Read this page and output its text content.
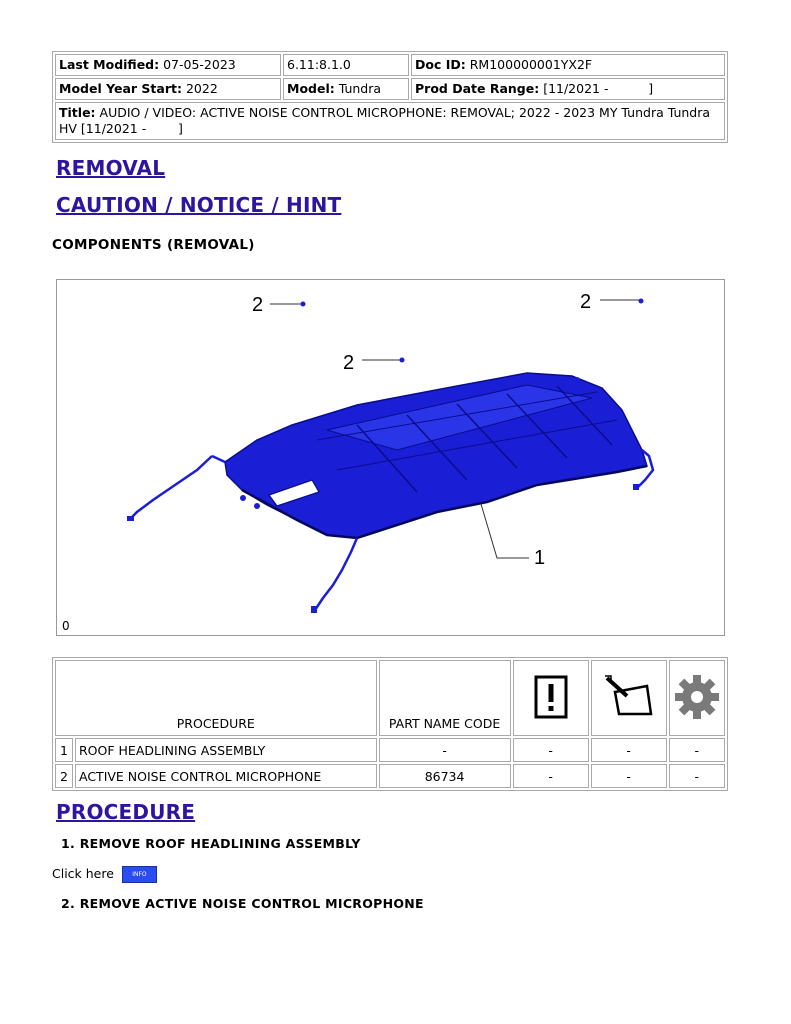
Last Modified: 07-05-2023	6.11:8.1.0	Doc ID: RM100000001YX2F
Model Year Start: 2022	Model: Tundra	Prod Date Range: [11/2021 -          ]
Title: AUDIO / VIDEO: ACTIVE NOISE CONTROL MICROPHONE: REMOVAL; 2022 - 2023 MY Tundra Tundra HV [11/2021 -        ]		
REMOVAL
CAUTION / NOTICE / HINT
COMPONENTS (REMOVAL)
2	2
2
1
0
PROCEDURE		PART NAME CODE			
1	ROOF HEADLINING ASSEMBLY	-	-	-	-
2	ACTIVE NOISE CONTROL MICROPHONE	86734	-	-	-
PROCEDURE
1. REMOVE ROOF HEADLINING ASSEMBLY
Click here	INFO
2. REMOVE ACTIVE NOISE CONTROL MICROPHONE
